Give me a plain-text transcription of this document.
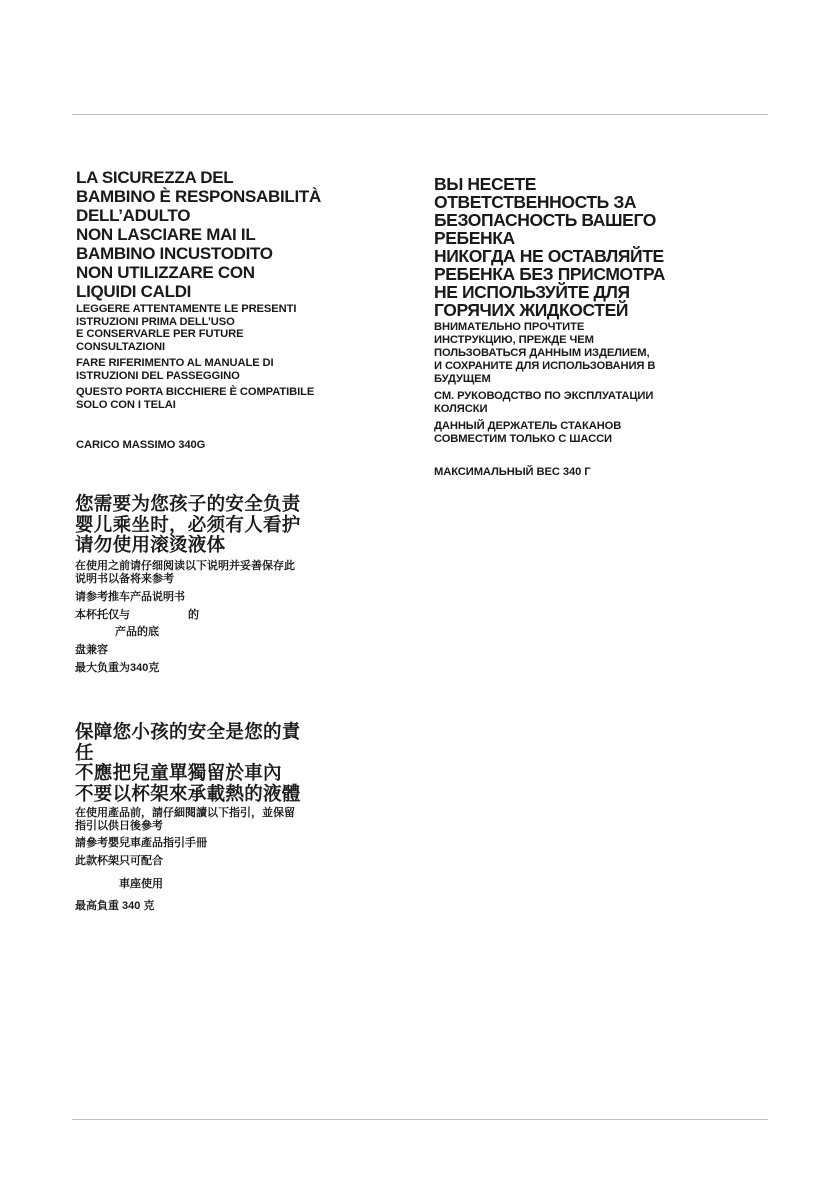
LA SICUREZZA DEL
BAMBINO È RESPONSABILITÀ
DELL’ADULTO
NON LASCIARE MAI IL
BAMBINO INCUSTODITO
NON UTILIZZARE CON
LIQUIDI CALDI
LEGGERE ATTENTAMENTE LE PRESENTI
ISTRUZIONI PRIMA DELL’USO
E CONSERVARLE PER FUTURE
CONSULTAZIONI
FARE RIFERIMENTO AL MANUALE DI
ISTRUZIONI DEL PASSEGGINO
QUESTO PORTA BICCHIERE È COMPATIBILE
SOLO CON I TELAI
CARICO MASSIMO 340G
ВЫ НЕСЕТЕ
ОТВЕТСТВЕННОСТЬ ЗА
БЕЗОПАСНОСТЬ ВАШЕГО
РЕБЕНКА
НИКОГДА НЕ ОСТАВЛЯЙТЕ
РЕБЕНКА БЕЗ ПРИСМОТРА
НЕ ИСПОЛЬЗУЙТЕ ДЛЯ
ГОРЯЧИХ ЖИДКОСТЕЙ
ВНИМАТЕЛЬНО ПРОЧТИТЕ
ИНСТРУКЦИЮ, ПРЕЖДЕ ЧЕМ
ПОЛЬЗОВАТЬСЯ ДАННЫМ ИЗДЕЛИЕМ,
И СОХРАНИТЕ ДЛЯ ИСПОЛЬЗОВАНИЯ В
БУДУЩЕМ
СМ. РУКОВОДСТВО ПО ЭКСПЛУАТАЦИИ
КОЛЯСКИ
ДАННЫЙ ДЕРЖАТЕЛЬ СТАКАНОВ
СОВМЕСТИМ ТОЛЬКО С ШАССИ
МАКСИМАЛЬНЫЙ ВЕС 340 Г
您需要为您孩子的安全负责
婴儿乘坐时，必须有人看护
请勿使用滚烫液体
在使用之前请仔细阅读以下说明并妥善保存此
说明书以备将来参考
请参考推车产品说明书
本杯托仅与	的
产品的底
盘兼容
最大负重为340克
保障您小孩的安全是您的責
任
不應把兒童單獨留於車內
不要以杯架來承載熱的液體
在使用產品前，請仔細閱讀以下指引，並保留
指引以供日後參考
請參考嬰兒車產品指引手冊
此款杯架只可配合
車座使用
最高負重 340 克
